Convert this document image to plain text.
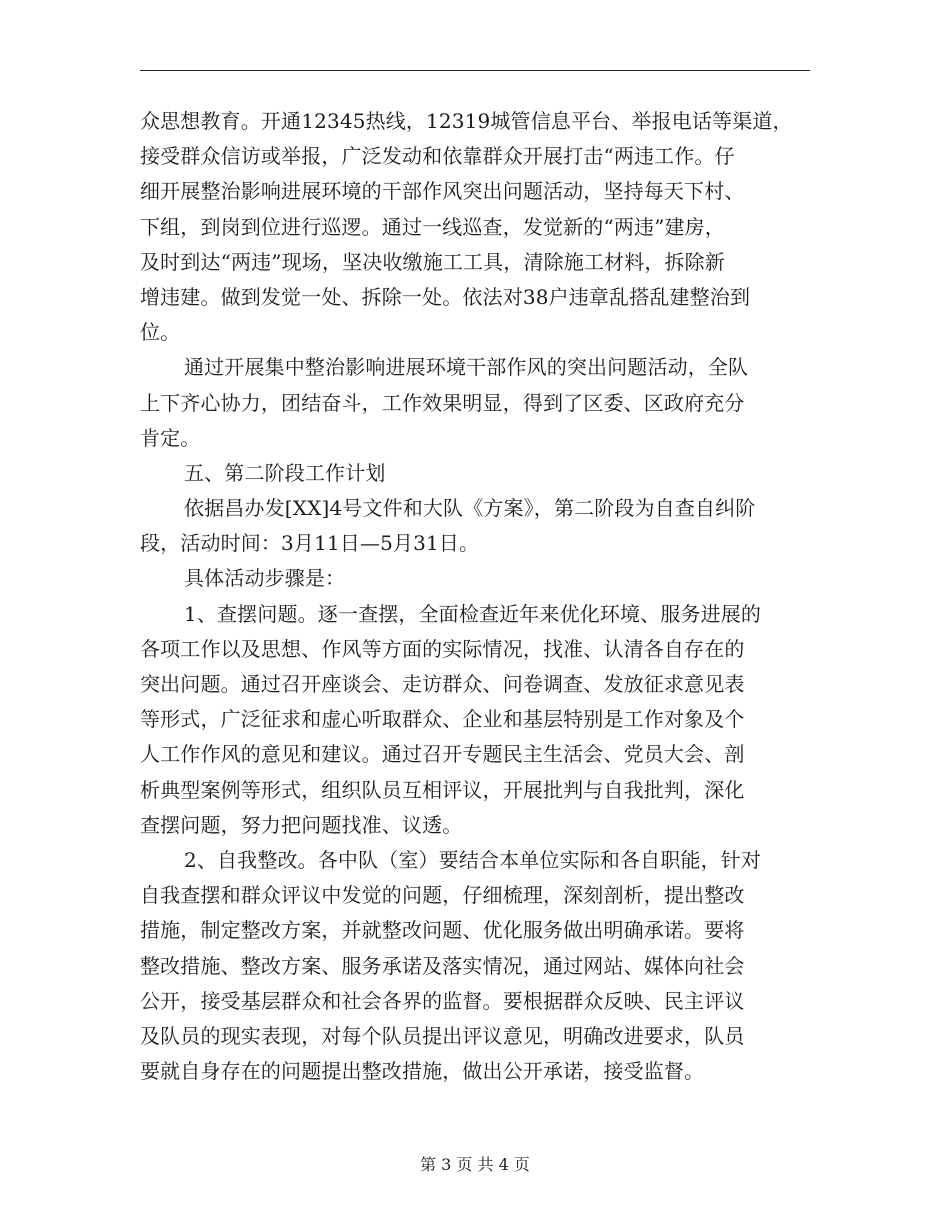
众思想教育。开通12345热线，12319城管信息平台、举报电话等渠道，
接受群众信访或举报，广泛发动和依靠群众开展打击“两违工作。仔
细开展整治影响进展环境的干部作风突出问题活动，坚持每天下村、
下组，到岗到位进行巡逻。通过一线巡查，发觉新的“两违”建房，
及时到达“两违”现场，坚决收缴施工工具，清除施工材料，拆除新
增违建。做到发觉一处、拆除一处。依法对38户违章乱搭乱建整治到
位。
通过开展集中整治影响进展环境干部作风的突出问题活动，全队
上下齐心协力，团结奋斗，工作效果明显，得到了区委、区政府充分
肯定。
五、第二阶段工作计划
依据昌办发[XX]4号文件和大队《方案》，第二阶段为自查自纠阶
段，活动时间：3月11日—5月31日。
具体活动步骤是：
1、查摆问题。逐一查摆，全面检查近年来优化环境、服务进展的
各项工作以及思想、作风等方面的实际情况，找准、认清各自存在的
突出问题。通过召开座谈会、走访群众、问卷调查、发放征求意见表
等形式，广泛征求和虚心听取群众、企业和基层特别是工作对象及个
人工作作风的意见和建议。通过召开专题民主生活会、党员大会、剖
析典型案例等形式，组织队员互相评议，开展批判与自我批判，深化
查摆问题，努力把问题找准、议透。
2、自我整改。各中队（室）要结合本单位实际和各自职能，针对
自我查摆和群众评议中发觉的问题，仔细梳理，深刻剖析，提出整改
措施，制定整改方案，并就整改问题、优化服务做出明确承诺。要将
整改措施、整改方案、服务承诺及落实情况，通过网站、媒体向社会
公开，接受基层群众和社会各界的监督。要根据群众反映、民主评议
及队员的现实表现，对每个队员提出评议意见，明确改进要求，队员
要就自身存在的问题提出整改措施，做出公开承诺，接受监督。
第 3 页 共 4 页
